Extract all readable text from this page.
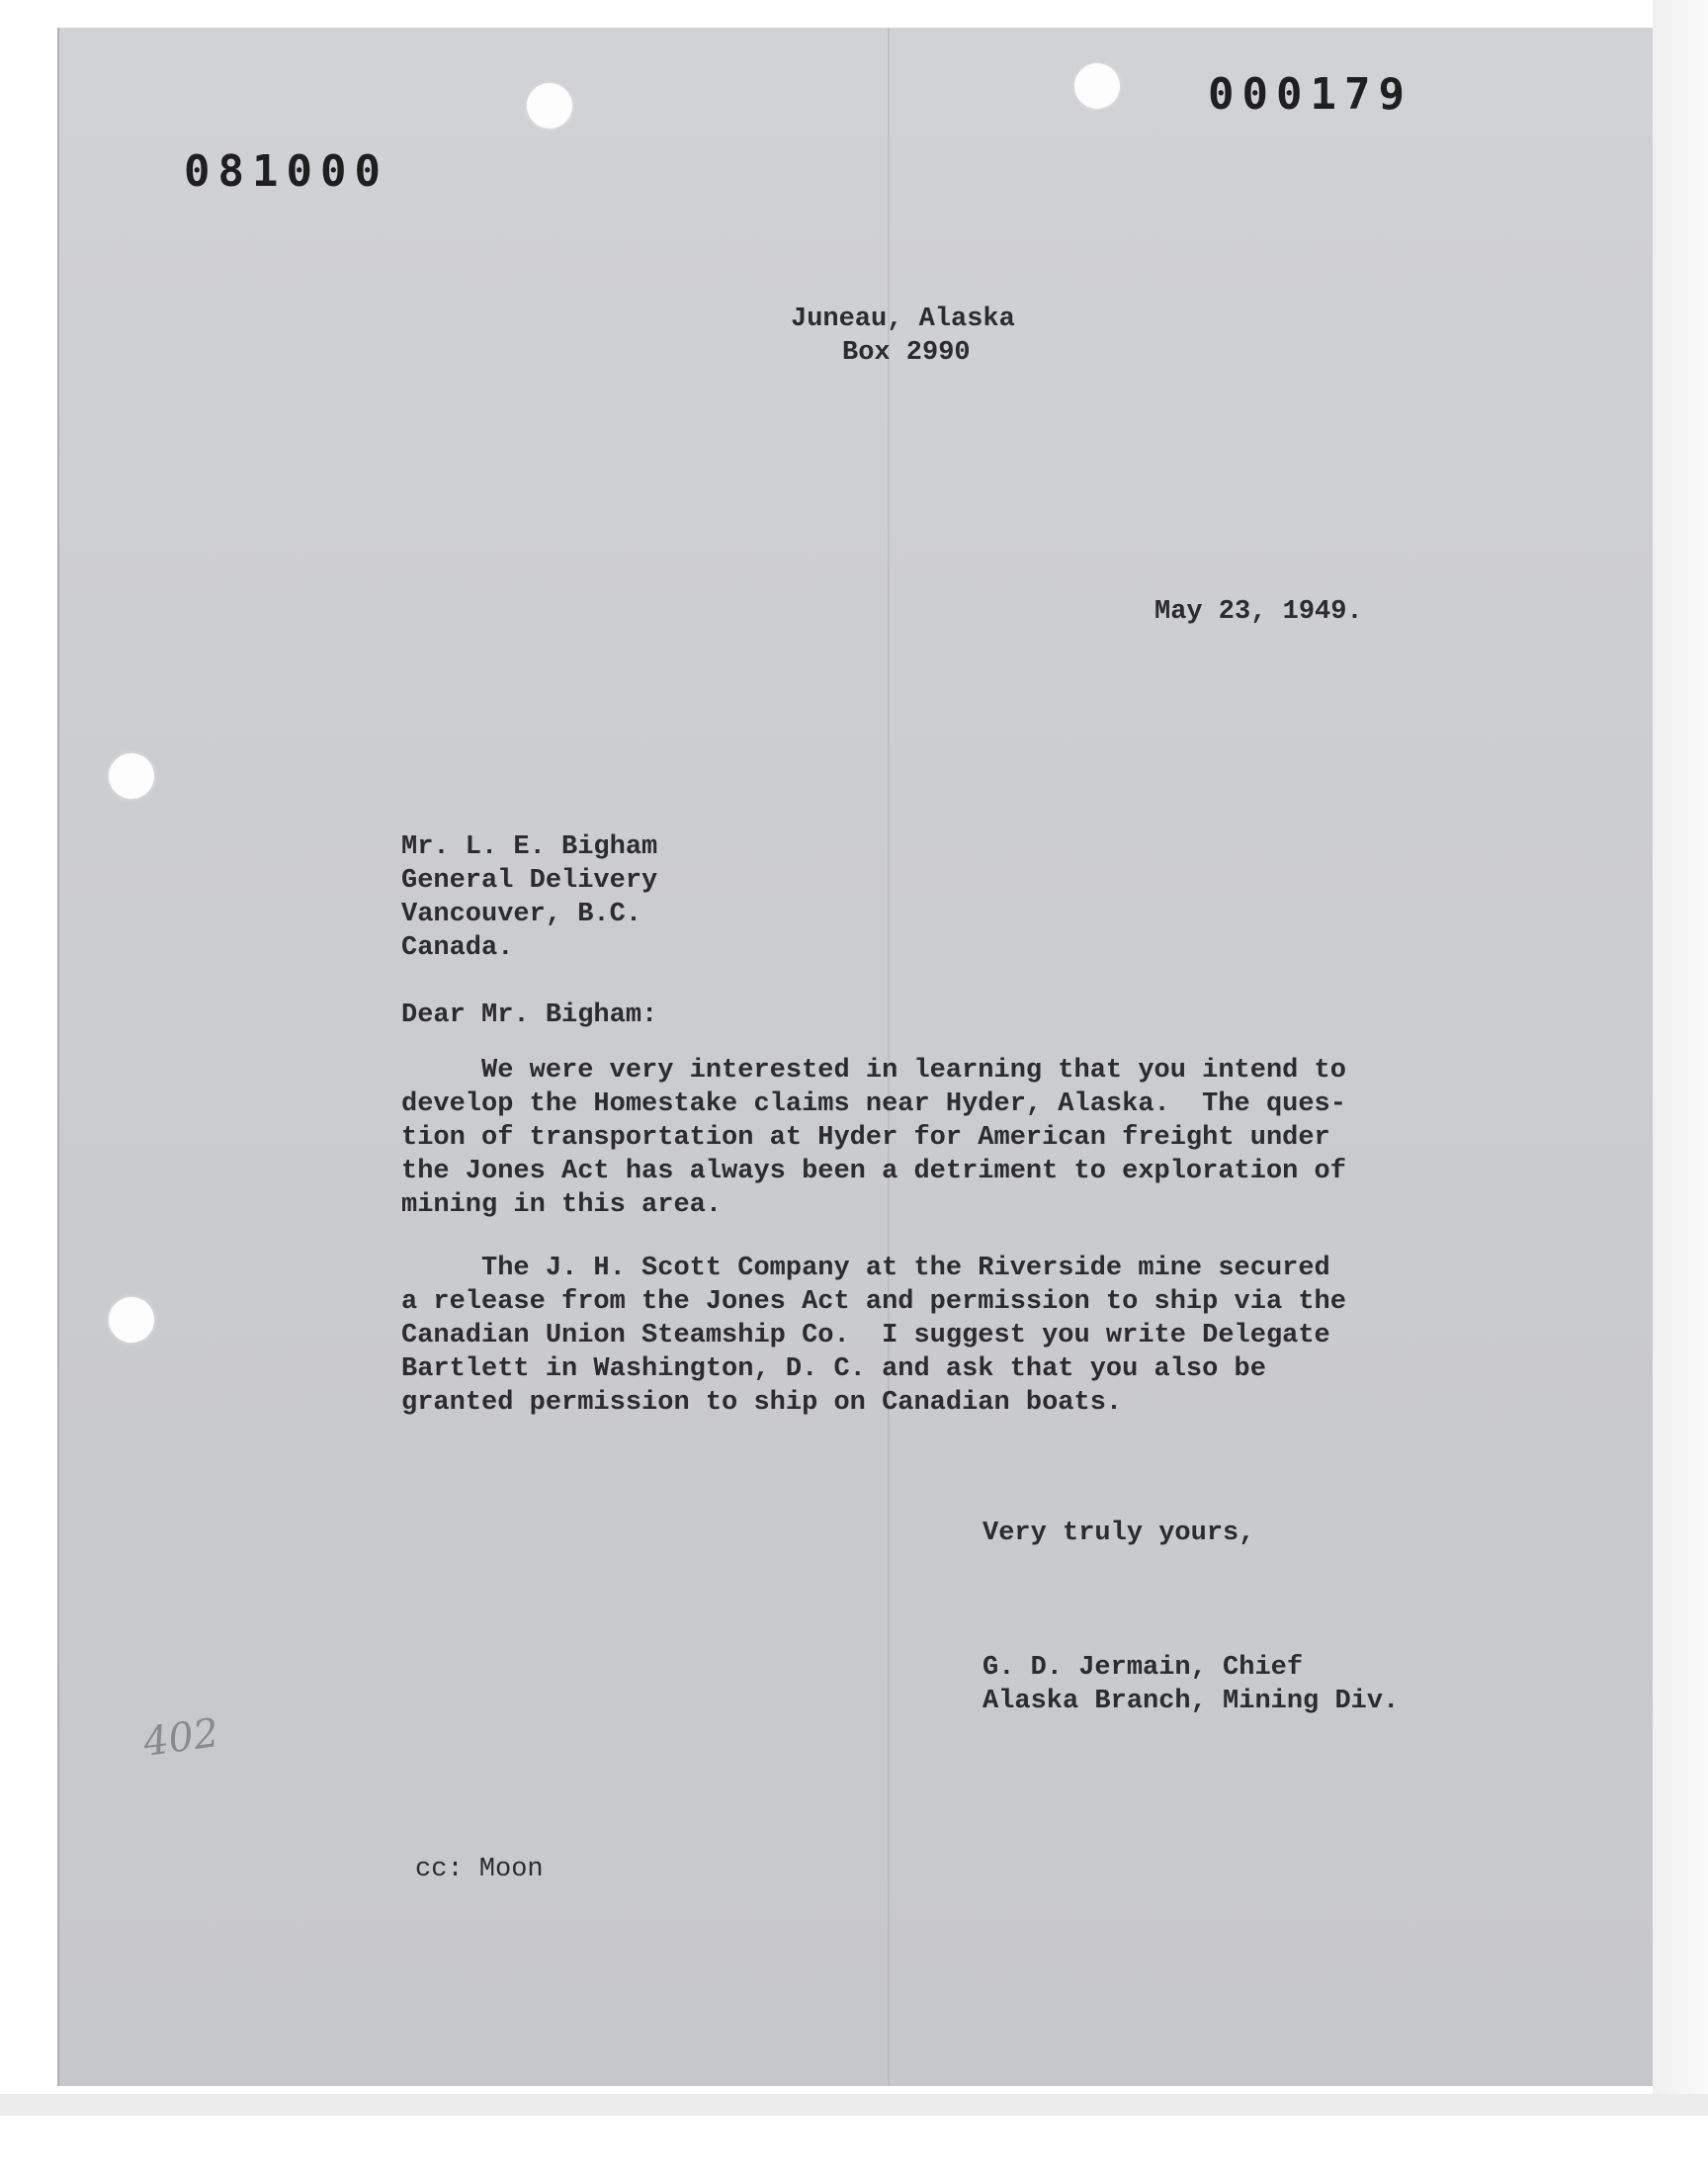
000179
081000
Juneau, Alaska
Box 2990
May 23, 1949.
Mr. L. E. Bigham
General Delivery
Vancouver, B.C.
Canada.
Dear Mr. Bigham:
We were very interested in learning that you intend to
develop the Homestake claims near Hyder, Alaska.  The ques-
tion of transportation at Hyder for American freight under
the Jones Act has always been a detriment to exploration of
mining in this area.
The J. H. Scott Company at the Riverside mine secured
a release from the Jones Act and permission to ship via the
Canadian Union Steamship Co.  I suggest you write Delegate
Bartlett in Washington, D. C. and ask that you also be
granted permission to ship on Canadian boats.
Very truly yours,
G. D. Jermain, Chief
Alaska Branch, Mining Div.
cc: Moon
402
